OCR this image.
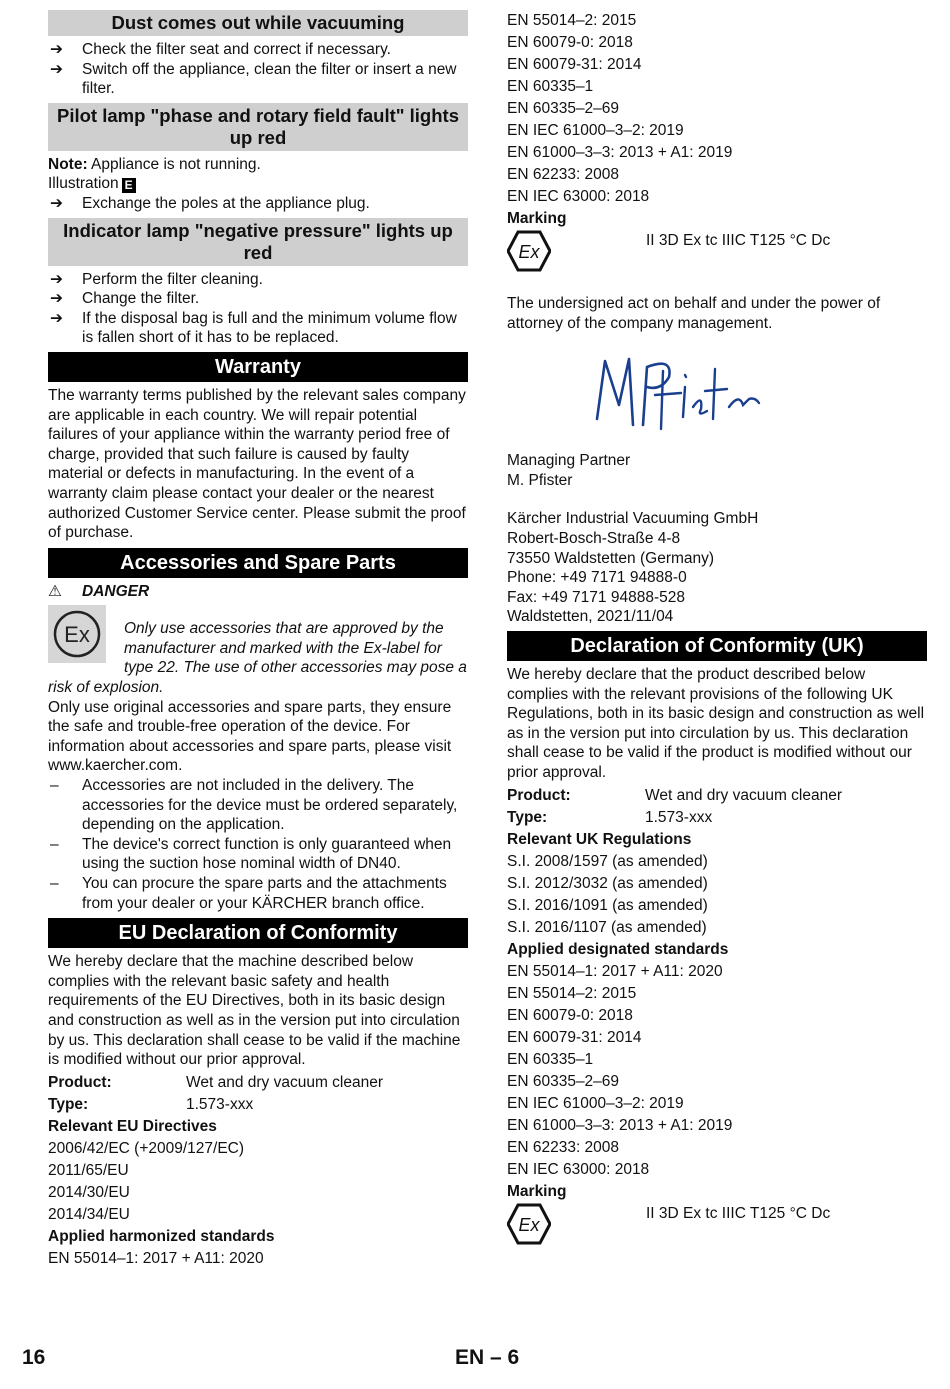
Dust comes out while vacuuming
➔ Check the filter seat and correct if necessary.
➔ Switch off the appliance, clean the filter or insert a new filter.
Pilot lamp "phase and rotary field fault" lights up red
Note: Appliance is not running.
Illustration E
➔ Exchange the poles at the appliance plug.
Indicator lamp "negative pressure" lights up red
➔ Perform the filter cleaning.
➔ Change the filter.
➔ If the disposal bag is full and the minimum volume flow is fallen short of it has to be replaced.
Warranty
The warranty terms published by the relevant sales company are applicable in each country. We will repair potential failures of your appliance within the warranty period free of charge, provided that such failure is caused by faulty material or defects in manufacturing. In the event of a warranty claim please contact your dealer or the nearest authorized Customer Service center. Please submit the proof of purchase.
Accessories and Spare Parts
⚠ DANGER
Ex	Only use accessories that are approved by the manufacturer and marked with the Ex-label for type 22. The use of other accessories may pose a risk of explosion.
Only use original accessories and spare parts, they ensure the safe and trouble-free operation of the device. For information about accessories and spare parts, please visit www.kaercher.com.
– Accessories are not included in the delivery. The accessories for the device must be ordered separately, depending on the application.
– The device's correct function is only guaranteed when using the suction hose nominal width of DN40.
– You can procure the spare parts and the attachments from your dealer or your KÄRCHER branch office.
EU Declaration of Conformity
We hereby declare that the machine described below complies with the relevant basic safety and health requirements of the EU Directives, both in its basic design and construction as well as in the version put into circulation by us. This declaration shall cease to be valid if the machine is modified without our prior approval.
Product:	Wet and dry vacuum cleaner
Type:	1.573-xxx
Relevant EU Directives
2006/42/EC (+2009/127/EC)
2011/65/EU
2014/30/EU
2014/34/EU
Applied harmonized standards
EN 55014–1: 2017 + A11: 2020
EN 55014–2: 2015
EN 60079-0: 2018
EN 60079-31: 2014
EN 60335–1
EN 60335–2–69
EN IEC 61000–3–2: 2019
EN 61000–3–3: 2013 + A1: 2019
EN 62233: 2008
EN IEC 63000: 2018
Marking
Ex
II 3D Ex tc IIIC T125 °C Dc
The undersigned act on behalf and under the power of attorney of the company management.
Managing Partner
M. Pfister
Kärcher Industrial Vacuuming GmbH
Robert-Bosch-Straße 4-8
73550 Waldstetten (Germany)
Phone: +49 7171 94888-0
Fax: +49 7171 94888-528
Waldstetten, 2021/11/04
Declaration of Conformity (UK)
We hereby declare that the product described below complies with the relevant provisions of the following UK Regulations, both in its basic design and construction as well as in the version put into circulation by us. This declaration shall cease to be valid if the product is modified without our prior approval.
Product:	Wet and dry vacuum cleaner
Type:	1.573-xxx
Relevant UK Regulations
S.I. 2008/1597 (as amended)
S.I. 2012/3032 (as amended)
S.I. 2016/1091 (as amended)
S.I. 2016/1107 (as amended)
Applied designated standards
EN 55014–1: 2017 + A11: 2020
EN 55014–2: 2015
EN 60079-0: 2018
EN 60079-31: 2014
EN 60335–1
EN 60335–2–69
EN IEC 61000–3–2: 2019
EN 61000–3–3: 2013 + A1: 2019
EN 62233: 2008
EN IEC 63000: 2018
Marking
Ex
II 3D Ex tc IIIC T125 °C Dc
16	EN – 6
